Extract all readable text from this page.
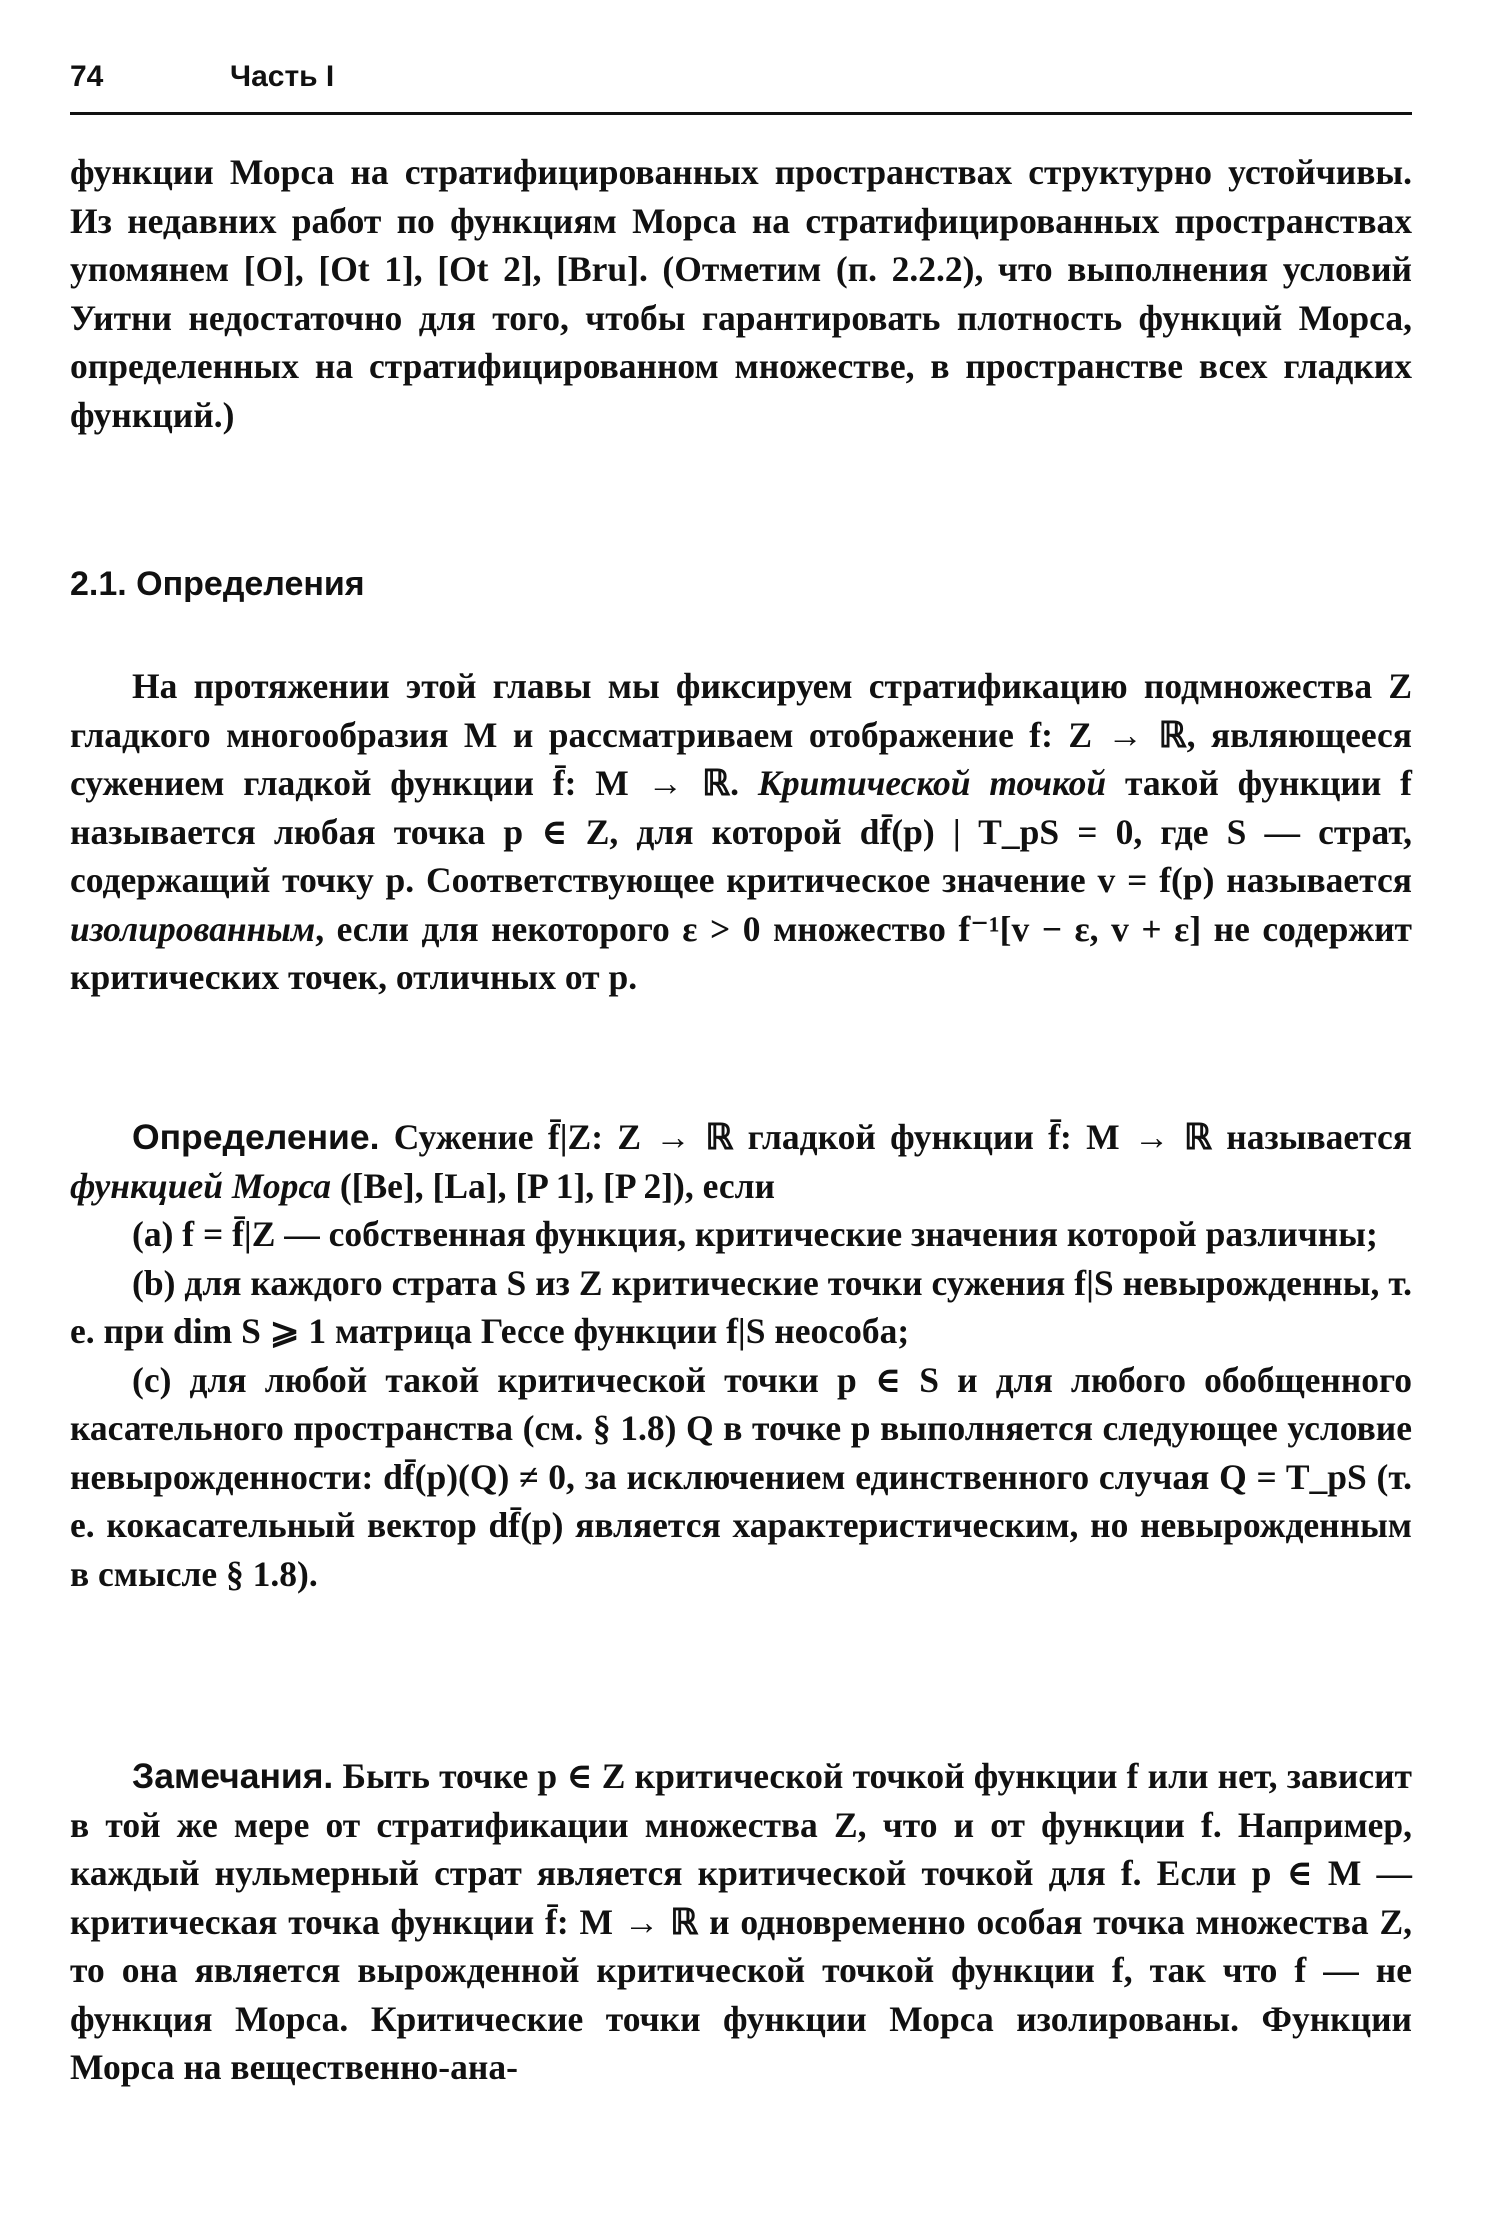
74	Часть I

функции Морса на стратифицированных пространствах структурно устойчивы. Из недавних работ по функциям Морса на стратифицированных пространствах упомянем [O], [Ot 1], [Ot 2], [Bru]. (Отметим (п. 2.2.2), что выполнения условий Уитни недостаточно для того, чтобы гарантировать плотность функций Морса, определенных на стратифицированном множестве, в пространстве всех гладких функций.)

2.1. Определения

На протяжении этой главы мы фиксируем стратификацию подмножества Z гладкого многообразия M и рассматриваем отображение f: Z → ℝ, являющееся сужением гладкой функции f̄: M → ℝ. Критической точкой такой функции f называется любая точка p ∈ Z, для которой df̄(p) | T_pS = 0, где S — страт, содержащий точку p. Соответствующее критическое значение v = f(p) называется изолированным, если для некоторого ε > 0 множество f⁻¹[v − ε, v + ε] не содержит критических точек, отличных от p.

Определение. Сужение f̄|Z: Z → ℝ гладкой функции f̄: M → ℝ называется функцией Морса ([Be], [La], [P 1], [P 2]), если

(a) f = f̄|Z — собственная функция, критические значения которой различны;

(b) для каждого страта S из Z критические точки сужения f|S невырожденны, т. е. при dim S ⩾ 1 матрица Гессе функции f|S неособа;

(c) для любой такой критической точки p ∈ S и для любого обобщенного касательного пространства (см. § 1.8) Q в точке p выполняется следующее условие невырожденности: df̄(p)(Q) ≠ 0, за исключением единственного случая Q = T_pS (т. е. кокасательный вектор df̄(p) является характеристическим, но невырожденным в смысле § 1.8).

Замечания. Быть точке p ∈ Z критической точкой функции f или нет, зависит в той же мере от стратификации множества Z, что и от функции f. Например, каждый нульмерный страт является критической точкой для f. Если p ∈ M — критическая точка функции f̄: M → ℝ и одновременно особая точка множества Z, то она является вырожденной критической точкой функции f, так что f — не функция Морса. Критические точки функции Морса изолированы. Функции Морса на вещественно-ана-
